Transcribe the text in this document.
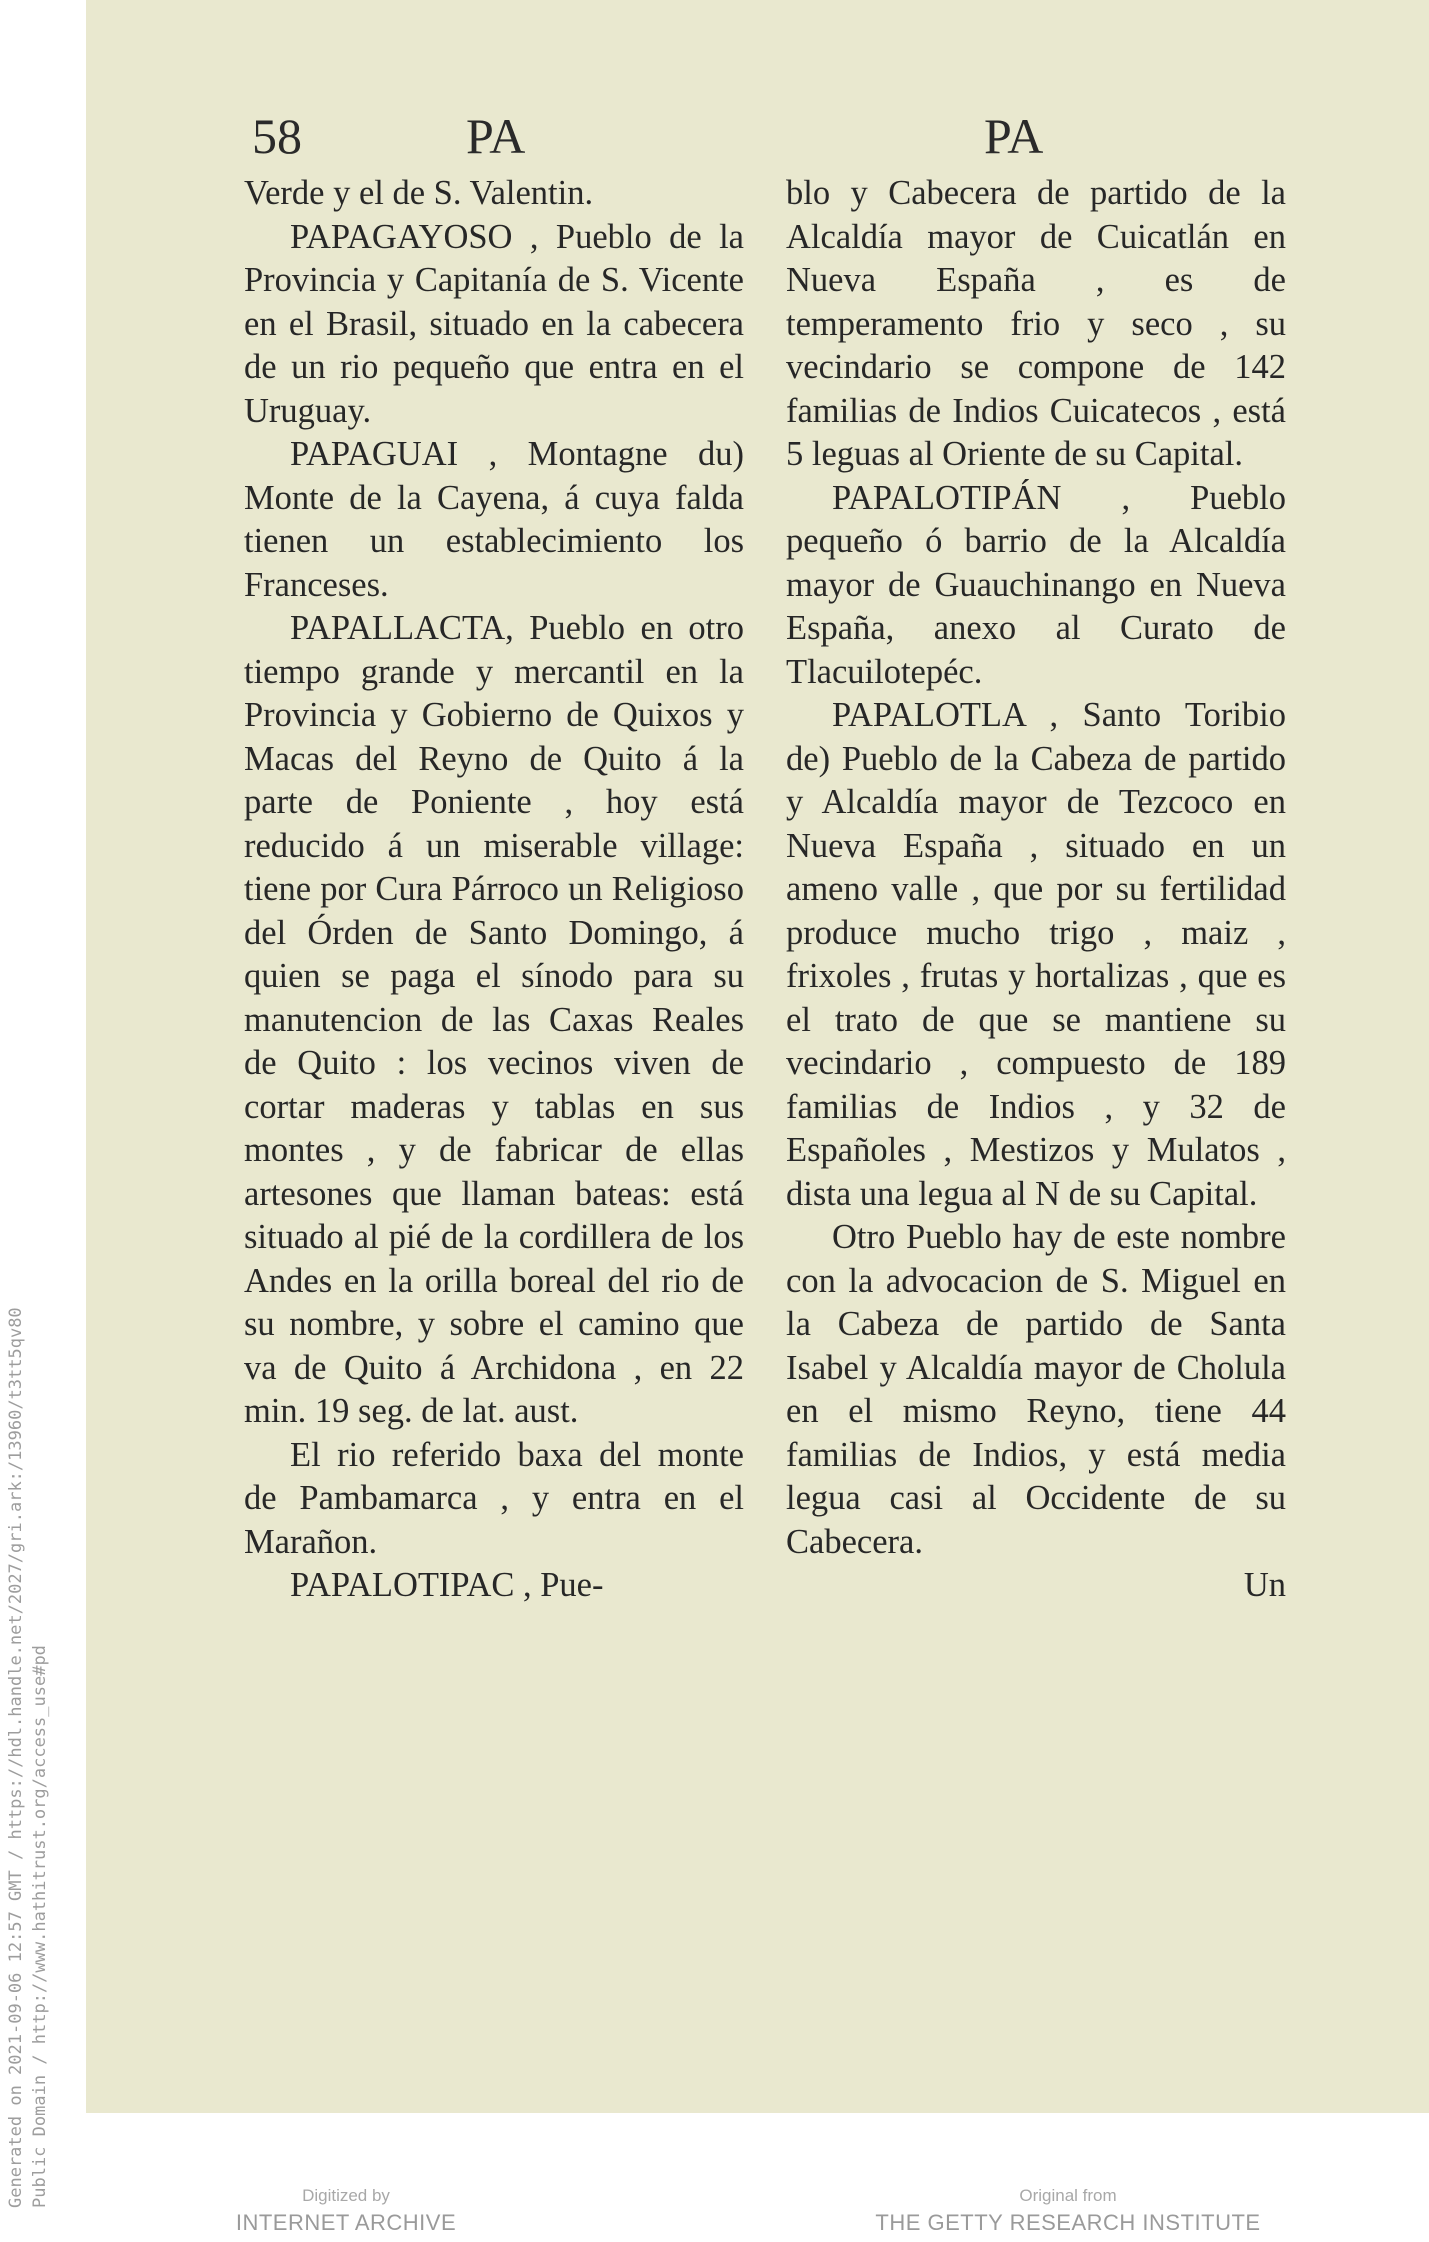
Generated on 2021-09-06 12:57 GMT / https://hdl.handle.net/2027/gri.ark:/13960/t3tt5qv80 Public Domain / http://www.hathitrust.org/access_use#pd
58	PA	PA

Verde y el de S. Valentin.

PAPAGAYOSO , Pueblo de la Provincia y Capitanía de S. Vicente en el Brasil, situado en la cabecera de un rio pequeño que entra en el Uruguay.

PAPAGUAI , Montagne du) Monte de la Cayena, á cuya falda tienen un establecimiento los Franceses.

PAPALLACTA, Pueblo en otro tiempo grande y mercantil en la Provincia y Gobierno de Quixos y Macas del Reyno de Quito á la parte de Poniente , hoy está reducido á un miserable village: tiene por Cura Párroco un Religioso del Órden de Santo Domingo, á quien se paga el sínodo para su manutencion de las Caxas Reales de Quito : los vecinos viven de cortar maderas y tablas en sus montes , y de fabricar de ellas artesones que llaman bateas: está situado al pié de la cordillera de los Andes en la orilla boreal del rio de su nombre, y sobre el camino que va de Quito á Archidona , en 22 min. 19 seg. de lat. aust.

El rio referido baxa del monte de Pambamarca , y entra en el Marañon.

PAPALOTIPAC , Pue-

blo y Cabecera de partido de la Alcaldía mayor de Cuicatlán en Nueva España , es de temperamento frio y seco , su vecindario se compone de 142 familias de Indios Cuicatecos , está 5 leguas al Oriente de su Capital.

PAPALOTIPÁN , Pueblo pequeño ó barrio de la Alcaldía mayor de Guauchinango en Nueva España, anexo al Curato de Tlacuilotepéc.

PAPALOTLA , Santo Toribio de) Pueblo de la Cabeza de partido y Alcaldía mayor de Tezcoco en Nueva España , situado en un ameno valle , que por su fertilidad produce mucho trigo , maiz , frixoles , frutas y hortalizas , que es el trato de que se mantiene su vecindario , compuesto de 189 familias de Indios , y 32 de Españoles , Mestizos y Mulatos , dista una legua al N de su Capital.

Otro Pueblo hay de este nombre con la advocacion de S. Miguel en la Cabeza de partido de Santa Isabel y Alcaldía mayor de Cholula en el mismo Reyno, tiene 44 familias de Indios, y está media legua casi al Occidente de su Cabecera.

Un

Digitized by
INTERNET ARCHIVE
Original from
THE GETTY RESEARCH INSTITUTE
